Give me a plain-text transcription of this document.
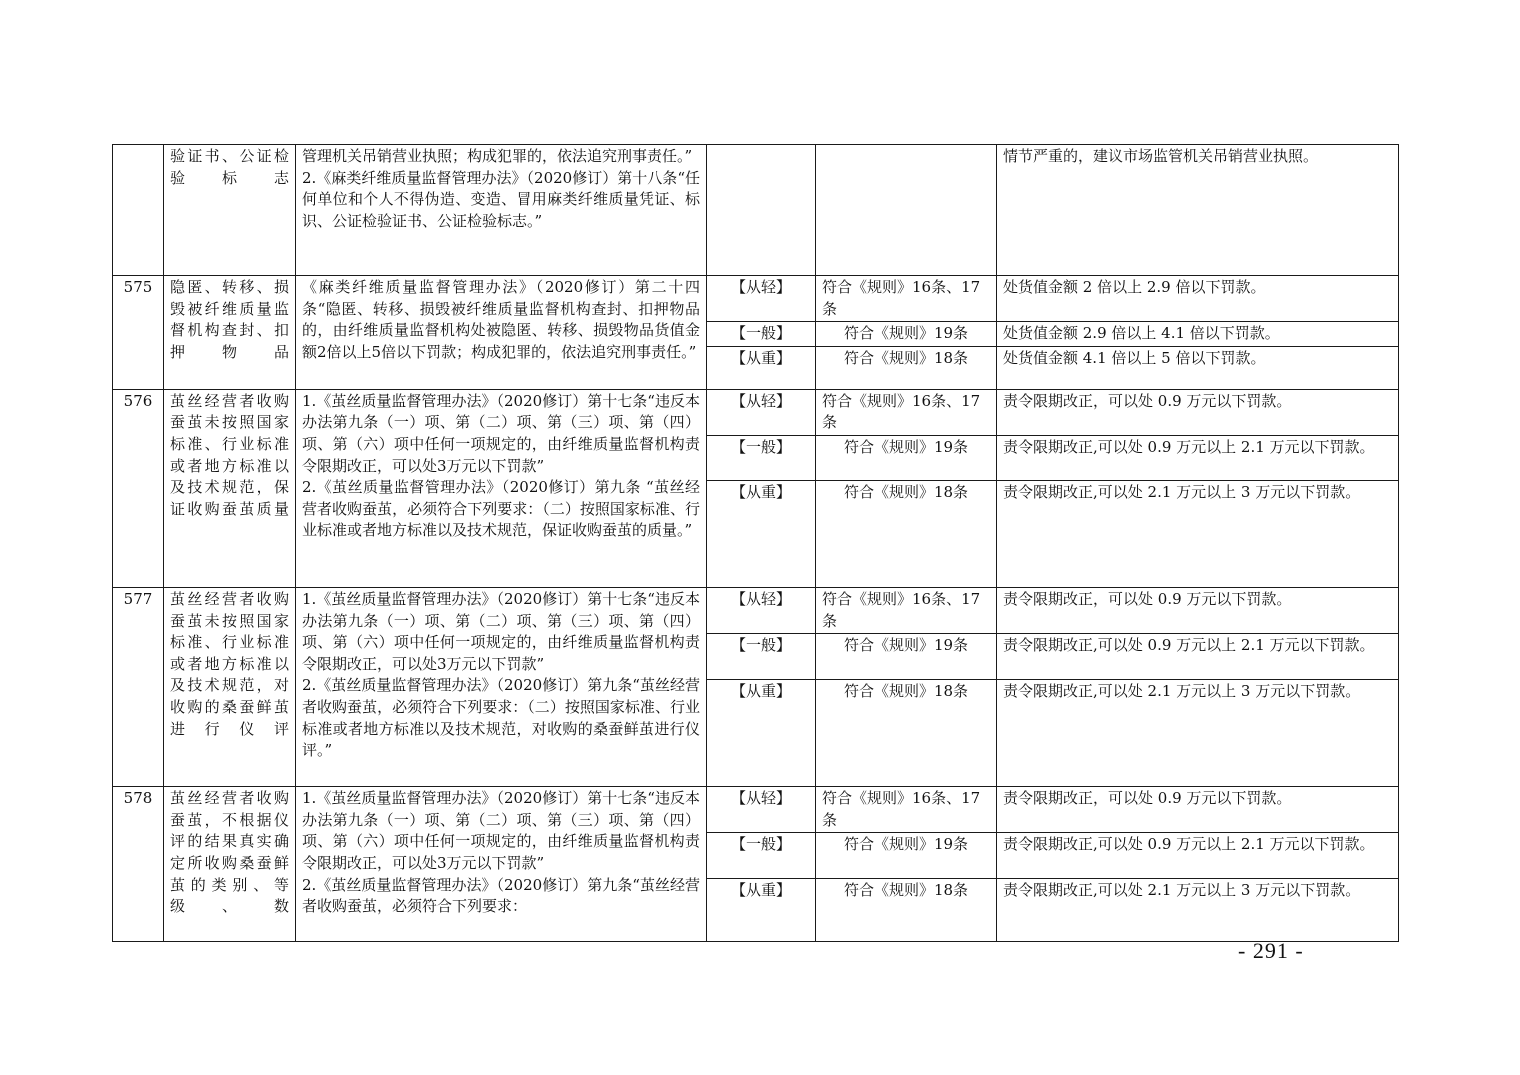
	验证书、公证检验标志	管理机关吊销营业执照；构成犯罪的，依法追究刑事责任。”
2.《麻类纤维质量监督管理办法》（2020修订）第十八条“任何单位和个人不得伪造、变造、冒用麻类纤维质量凭证、标识、公证检验证书、公证检验标志。”			情节严重的，建议市场监管机关吊销营业执照。
575	隐匿、转移、损毁被纤维质量监督机构查封、扣押物品	《麻类纤维质量监督管理办法》（2020修订）第二十四条“隐匿、转移、损毁被纤维质量监督机构查封、扣押物品的，由纤维质量监督机构处被隐匿、转移、损毁物品货值金额2倍以上5倍以下罚款；构成犯罪的，依法追究刑事责任。”	【从轻】	符合《规则》16条、17条	处货值金额 2 倍以上 2.9 倍以下罚款。
			【一般】	符合《规则》19条	处货值金额 2.9 倍以上 4.1 倍以下罚款。
			【从重】	符合《规则》18条	处货值金额 4.1 倍以上 5 倍以下罚款。
576	茧丝经营者收购蚕茧未按照国家标准、行业标准或者地方标准以及技术规范，保证收购蚕茧质量	1.《茧丝质量监督管理办法》（2020修订）第十七条“违反本办法第九条（一）项、第（二）项、第（三）项、第（四）项、第（六）项中任何一项规定的，由纤维质量监督机构责令限期改正，可以处3万元以下罚款”
2.《茧丝质量监督管理办法》（2020修订）第九条 “茧丝经营者收购蚕茧，必须符合下列要求：（二）按照国家标准、行业标准或者地方标准以及技术规范，保证收购蚕茧的质量。”	【从轻】	符合《规则》16条、17条	责令限期改正，可以处 0.9 万元以下罚款。
			【一般】	符合《规则》19条	责令限期改正,可以处 0.9 万元以上 2.1 万元以下罚款。
			【从重】	符合《规则》18条	责令限期改正,可以处 2.1 万元以上 3 万元以下罚款。
577	茧丝经营者收购蚕茧未按照国家标准、行业标准或者地方标准以及技术规范，对收购的桑蚕鲜茧进行仪评	1.《茧丝质量监督管理办法》（2020修订）第十七条“违反本办法第九条（一）项、第（二）项、第（三）项、第（四）项、第（六）项中任何一项规定的，由纤维质量监督机构责令限期改正，可以处3万元以下罚款”
2.《茧丝质量监督管理办法》（2020修订）第九条“茧丝经营者收购蚕茧，必须符合下列要求：（二）按照国家标准、行业标准或者地方标准以及技术规范，对收购的桑蚕鲜茧进行仪评。”	【从轻】	符合《规则》16条、17条	责令限期改正，可以处 0.9 万元以下罚款。
			【一般】	符合《规则》19条	责令限期改正,可以处 0.9 万元以上 2.1 万元以下罚款。
			【从重】	符合《规则》18条	责令限期改正,可以处 2.1 万元以上 3 万元以下罚款。
578	茧丝经营者收购蚕茧，不根据仪评的结果真实确定所收购桑蚕鲜茧的类别、等级、数	1.《茧丝质量监督管理办法》（2020修订）第十七条“违反本办法第九条（一）项、第（二）项、第（三）项、第（四）项、第（六）项中任何一项规定的，由纤维质量监督机构责令限期改正，可以处3万元以下罚款”
2.《茧丝质量监督管理办法》（2020修订）第九条“茧丝经营者收购蚕茧，必须符合下列要求：	【从轻】	符合《规则》16条、17条	责令限期改正，可以处 0.9 万元以下罚款。
			【一般】	符合《规则》19条	责令限期改正,可以处 0.9 万元以上 2.1 万元以下罚款。
			【从重】	符合《规则》18条	责令限期改正,可以处 2.1 万元以上 3 万元以下罚款。
- 291 -
